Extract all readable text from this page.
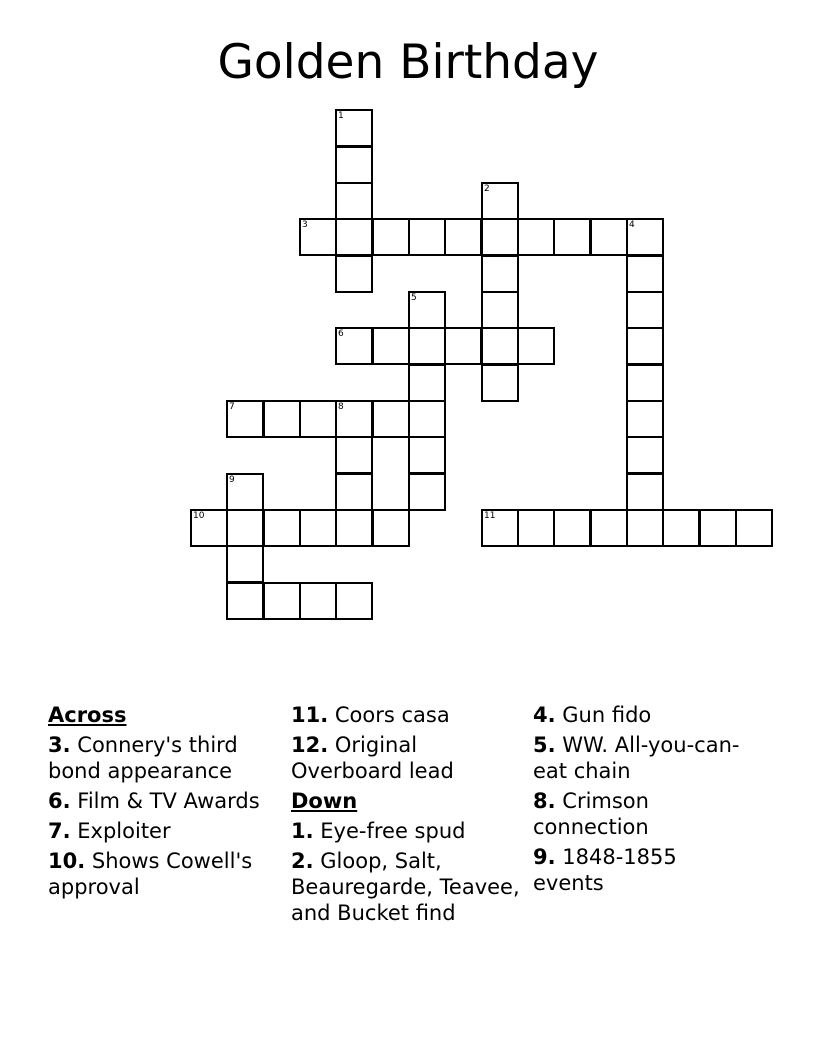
Golden Birthday
1
2
3	4
5
6
7	8
9
10	11
Across
3. Connery's third bond appearance
6. Film & TV Awards
7. Exploiter
10. Shows Cowell's approval
11. Coors casa
12. Original Overboard lead
Down
1. Eye-free spud
2. Gloop, Salt, Beauregarde, Teavee, and Bucket find
4. Gun fido
5. WW. All-you-can-eat chain
8. Crimson connection
9. 1848-1855 events
